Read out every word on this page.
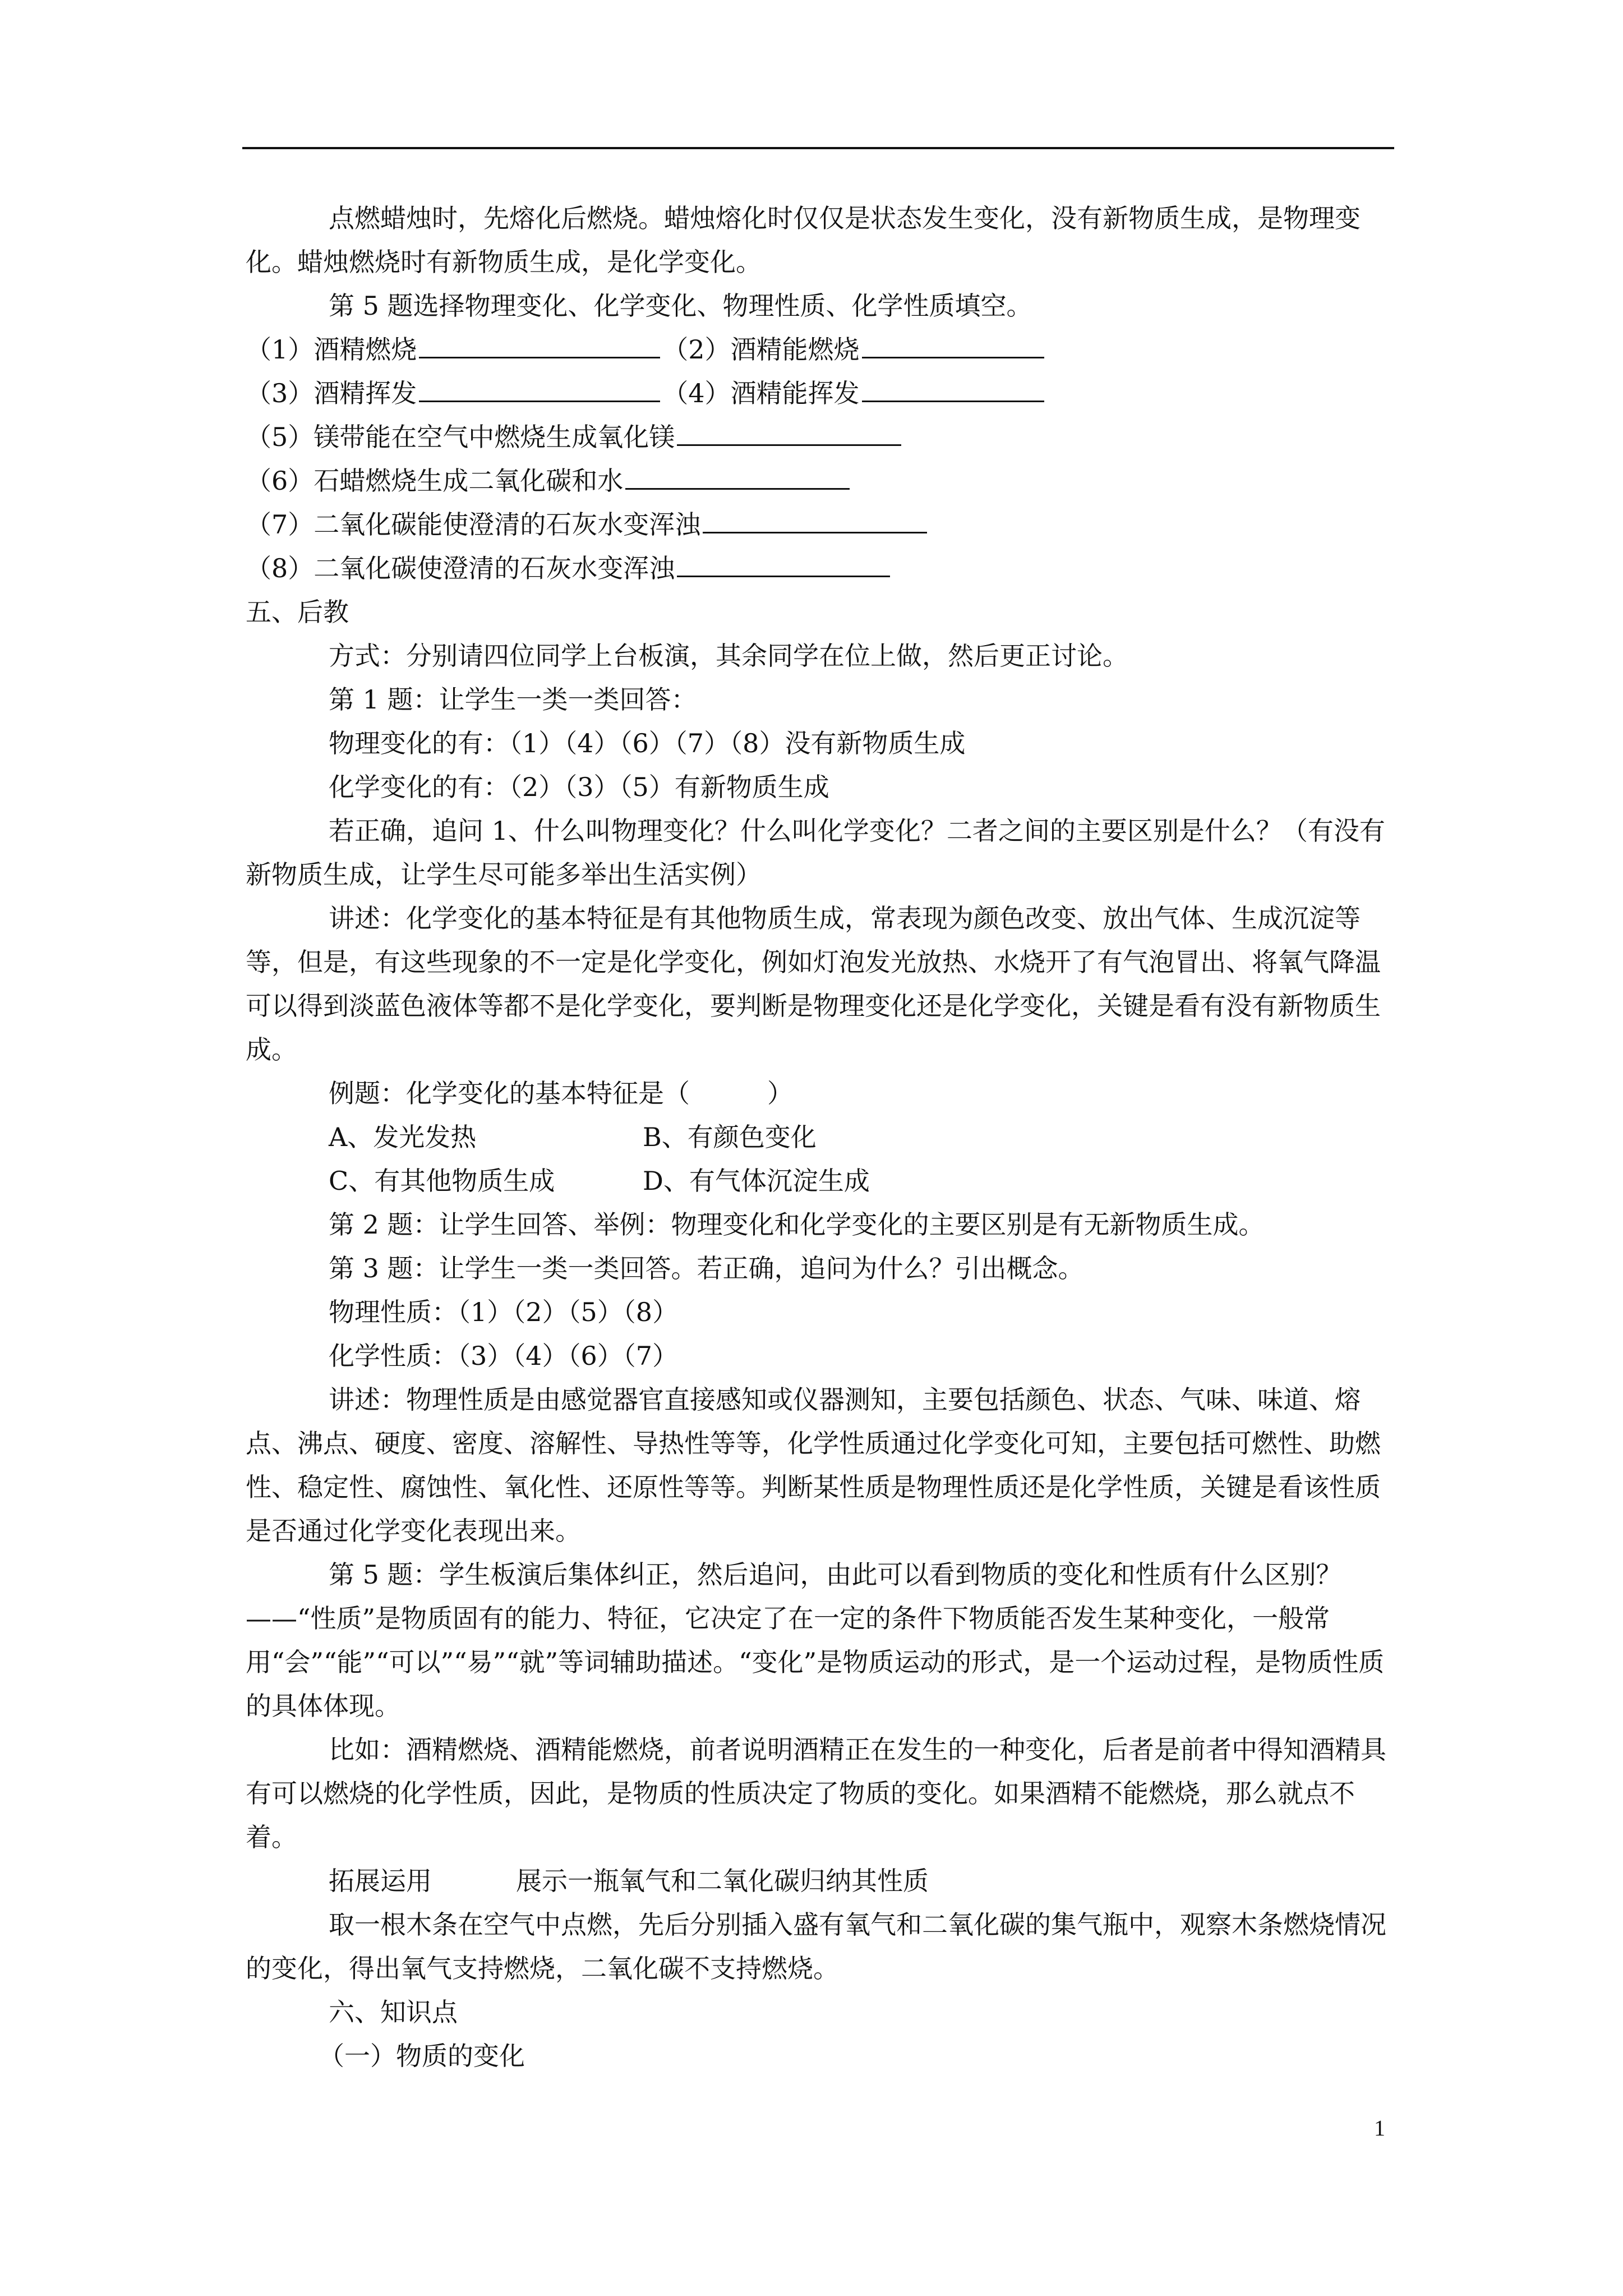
点燃蜡烛时，先熔化后燃烧。蜡烛熔化时仅仅是状态发生变化，没有新物质生成，是物理变化。蜡烛燃烧时有新物质生成，是化学变化。

第 5 题选择物理变化、化学变化、物理性质、化学性质填空。

（1）酒精燃烧	（2）酒精能燃烧

（3）酒精挥发	（4）酒精能挥发

（5）镁带能在空气中燃烧生成氧化镁

（6）石蜡燃烧生成二氧化碳和水

（7）二氧化碳能使澄清的石灰水变浑浊

（8）二氧化碳使澄清的石灰水变浑浊

五、后教

方式：分别请四位同学上台板演，其余同学在位上做，然后更正讨论。

第 1 题：让学生一类一类回答：

物理变化的有：（1）（4）（6）（7）（8）没有新物质生成

化学变化的有：（2）（3）（5）有新物质生成

若正确，追问 1、什么叫物理变化？什么叫化学变化？二者之间的主要区别是什么？（有没有新物质生成，让学生尽可能多举出生活实例）

讲述：化学变化的基本特征是有其他物质生成，常表现为颜色改变、放出气体、生成沉淀等等，但是，有这些现象的不一定是化学变化，例如灯泡发光放热、水烧开了有气泡冒出、将氧气降温可以得到淡蓝色液体等都不是化学变化，要判断是物理变化还是化学变化，关键是看有没有新物质生成。

例题：化学变化的基本特征是（　　　）

A、发光发热	B、有颜色变化

C、有其他物质生成	D、有气体沉淀生成

第 2 题：让学生回答、举例：物理变化和化学变化的主要区别是有无新物质生成。

第 3 题：让学生一类一类回答。若正确，追问为什么？引出概念。

物理性质：（1）（2）（5）（8）

化学性质：（3）（4）（6）（7）

讲述：物理性质是由感觉器官直接感知或仪器测知，主要包括颜色、状态、气味、味道、熔点、沸点、硬度、密度、溶解性、导热性等等，化学性质通过化学变化可知，主要包括可燃性、助燃性、稳定性、腐蚀性、氧化性、还原性等等。判断某性质是物理性质还是化学性质，关键是看该性质是否通过化学变化表现出来。

第 5 题：学生板演后集体纠正，然后追问，由此可以看到物质的变化和性质有什么区别？——“性质”是物质固有的能力、特征，它决定了在一定的条件下物质能否发生某种变化，一般常用“会”“能”“可以”“易”“就”等词辅助描述。“变化”是物质运动的形式，是一个运动过程，是物质性质的具体体现。

比如：酒精燃烧、酒精能燃烧，前者说明酒精正在发生的一种变化，后者是前者中得知酒精具有可以燃烧的化学性质，因此，是物质的性质决定了物质的变化。如果酒精不能燃烧，那么就点不着。

拓展运用	展示一瓶氧气和二氧化碳归纳其性质

取一根木条在空气中点燃，先后分别插入盛有氧气和二氧化碳的集气瓶中，观察木条燃烧情况的变化，得出氧气支持燃烧，二氧化碳不支持燃烧。

六、知识点

（一）物质的变化

1
